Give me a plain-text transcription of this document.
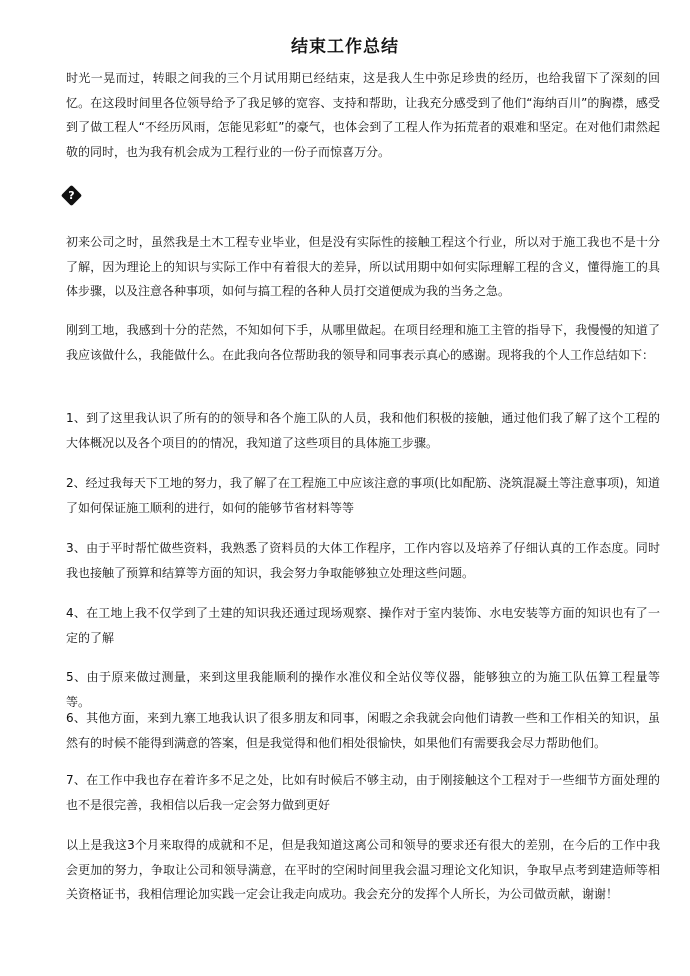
结束工作总结

时光一晃而过，转眼之间我的三个月试用期已经结束，这是我人生中弥足珍贵的经历，也给我留下了深刻的回忆。在这段时间里各位领导给予了我足够的宽容、支持和帮助，让我充分感受到了他们“海纳百川”的胸襟，感受到了做工程人“不经历风雨，怎能见彩虹”的豪气，也体会到了工程人作为拓荒者的艰难和坚定。在对他们肃然起敬的同时，也为我有机会成为工程行业的一份子而惊喜万分。

?

初来公司之时，虽然我是土木工程专业毕业，但是没有实际性的接触工程这个行业，所以对于施工我也不是十分了解，因为理论上的知识与实际工作中有着很大的差异，所以试用期中如何实际理解工程的含义，懂得施工的具体步骤，以及注意各种事项，如何与搞工程的各种人员打交道便成为我的当务之急。

刚到工地，我感到十分的茫然，不知如何下手，从哪里做起。在项目经理和施工主管的指导下，我慢慢的知道了我应该做什么，我能做什么。在此我向各位帮助我的领导和同事表示真心的感谢。现将我的个人工作总结如下：

1、到了这里我认识了所有的的领导和各个施工队的人员，我和他们积极的接触，通过他们我了解了这个工程的大体概况以及各个项目的的情况，我知道了这些项目的具体施工步骤。

2、经过我每天下工地的努力，我了解了在工程施工中应该注意的事项(比如配筋、浇筑混凝土等注意事项)，知道了如何保证施工顺利的进行，如何的能够节省材料等等

3、由于平时帮忙做些资料，我熟悉了资料员的大体工作程序，工作内容以及培养了仔细认真的工作态度。同时我也接触了预算和结算等方面的知识，我会努力争取能够独立处理这些问题。

4、在工地上我不仅学到了土建的知识我还通过现场观察、操作对于室内装饰、水电安装等方面的知识也有了一定的了解

5、由于原来做过测量，来到这里我能顺利的操作水准仪和全站仪等仪器，能够独立的为施工队伍算工程量等等。

6、其他方面，来到九寨工地我认识了很多朋友和同事，闲暇之余我就会向他们请教一些和工作相关的知识，虽然有的时候不能得到满意的答案，但是我觉得和他们相处很愉快，如果他们有需要我会尽力帮助他们。

7、在工作中我也存在着许多不足之处，比如有时候后不够主动，由于刚接触这个工程对于一些细节方面处理的也不是很完善，我相信以后我一定会努力做到更好

以上是我这3个月来取得的成就和不足，但是我知道这离公司和领导的要求还有很大的差别，在今后的工作中我会更加的努力，争取让公司和领导满意，在平时的空闲时间里我会温习理论文化知识，争取早点考到建造师等相关资格证书，我相信理论加实践一定会让我走向成功。我会充分的发挥个人所长，为公司做贡献，谢谢！
